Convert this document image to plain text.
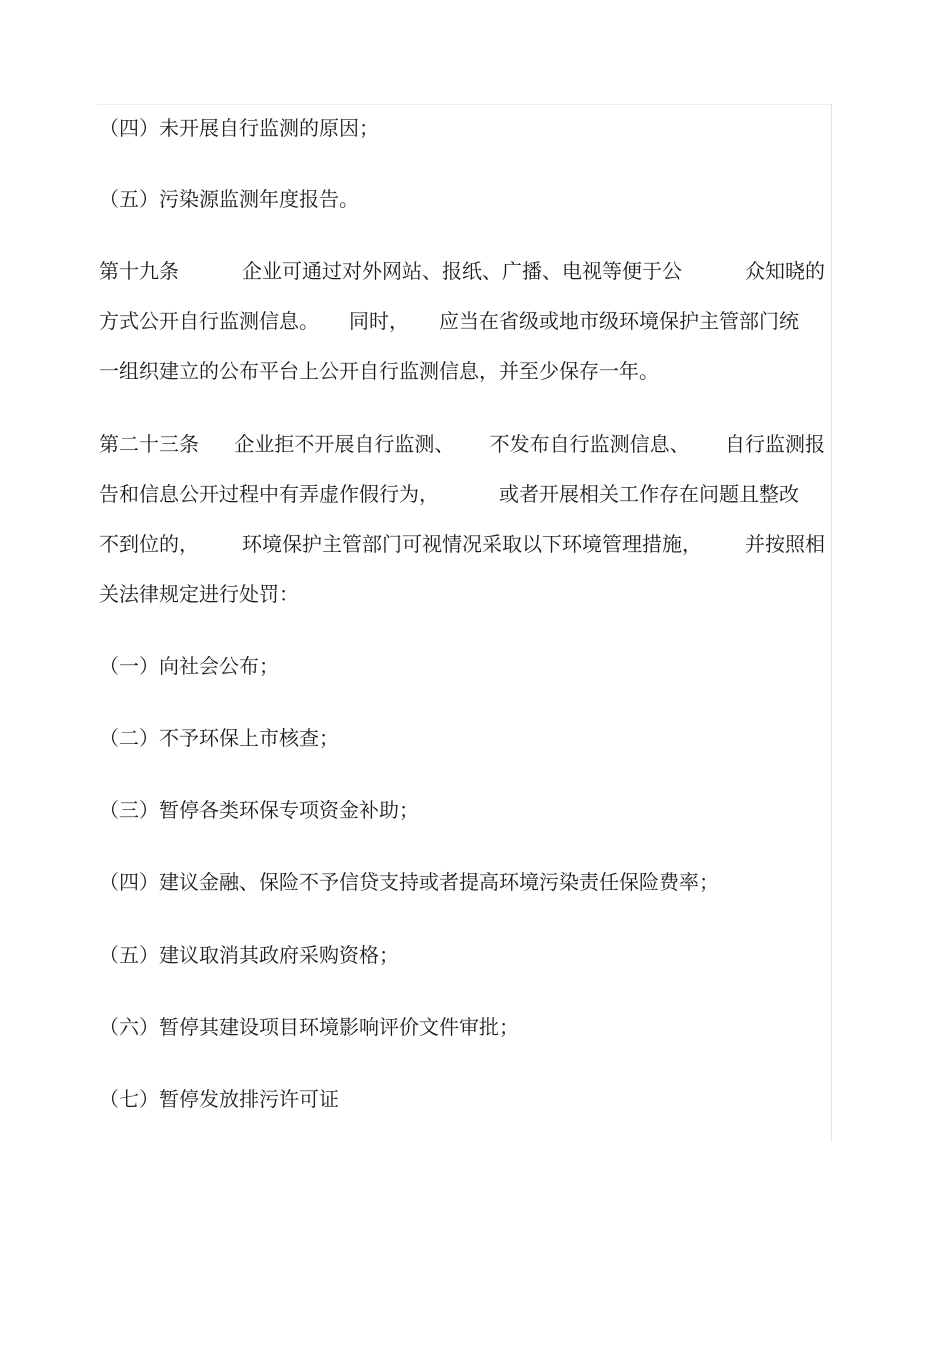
（四）未开展自行监测的原因；
（五）污染源监测年度报告。
第十九条	企业可通过对外网站、报纸、广播、电视等便于公	众知晓的
方式公开自行监测信息。 同时， 应当在省级或地市级环境保护主管部门统
一组织建立的公布平台上公开自行监测信息，并至少保存一年。
第二十三条 企业拒不开展自行监测、 不发布自行监测信息、 自行监测报
告和信息公开过程中有弄虚作假行为，	或者开展相关工作存在问题且整改
不到位的， 环境保护主管部门可视情况采取以下环境管理措施， 并按照相
关法律规定进行处罚：
（一）向社会公布；
（二）不予环保上市核查；
（三）暂停各类环保专项资金补助；
（四）建议金融、保险不予信贷支持或者提高环境污染责任保险费率；
（五）建议取消其政府采购资格；
（六）暂停其建设项目环境影响评价文件审批；
（七）暂停发放排污许可证
